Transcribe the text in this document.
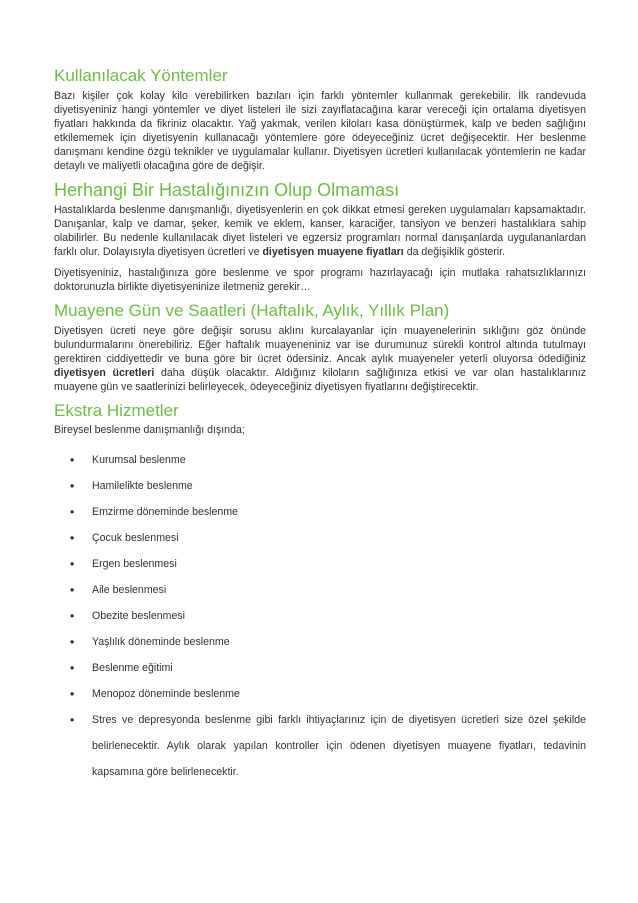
Kullanılacak Yöntemler

Bazı kişiler çok kolay kilo verebilirken bazıları için farklı yöntemler kullanmak gerekebilir. İlk randevuda diyetisyeniniz hangi yöntemler ve diyet listeleri ile sizi zayıflatacağına karar vereceği için ortalama diyetisyen fiyatları hakkında da fikriniz olacaktır. Yağ yakmak, verilen kiloları kasa dönüştürmek, kalp ve beden sağlığını etkilememek için diyetisyenin kullanacağı yöntemlere göre ödeyeceğiniz ücret değişecektir. Her beslenme danışmanı kendine özgü teknikler ve uygulamalar kullanır. Diyetisyen ücretleri kullanılacak yöntemlerin ne kadar detaylı ve maliyetli olacağına göre de değişir.

Herhangi Bir Hastalığınızın Olup Olmaması

Hastalıklarda beslenme danışmanlığı, diyetisyenlerin en çok dikkat etmesi gereken uygulamaları kapsamaktadır. Danışanlar, kalp ve damar, şeker, kemik ve eklem, kanser, karaciğer, tansiyon ve benzeri hastalıklara sahip olabilirler. Bu nedenle kullanılacak diyet listeleri ve egzersiz programları normal danışanlarda uygulananlardan farklı olur. Dolayısıyla diyetisyen ücretleri ve diyetisyen muayene fiyatları da değişiklik gösterir.

Diyetisyeniniz, hastalığınıza göre beslenme ve spor programı hazırlayacağı için mutlaka rahatsızlıklarınızı doktorunuzla birlikte diyetisyeninize iletmeniz gerekir…

Muayene Gün ve Saatleri (Haftalık, Aylık, Yıllık Plan)

Diyetisyen ücreti neye göre değişir sorusu aklını kurcalayanlar için muayenelerinin sıklığını göz önünde bulundurmalarını önerebiliriz. Eğer haftalık muayeneniniz var ise durumunuz sürekli kontrol altında tutulmayı gerektiren ciddiyettedir ve buna göre bir ücret ödersiniz. Ancak aylık muayeneler yeterli oluyorsa ödediğiniz diyetisyen ücretleri daha düşük olacaktır. Aldığınız kiloların sağlığınıza etkisi ve var olan hastalıklarınız muayene gün ve saatlerinizi belirleyecek, ödeyeceğiniz diyetisyen fiyatlarını değiştirecektir.

Ekstra Hizmetler

Bireysel beslenme danışmanlığı dışında;

• Kurumsal beslenme
• Hamilelikte beslenme
• Emzirme döneminde beslenme
• Çocuk beslenmesi
• Ergen beslenmesi
• Aile beslenmesi
• Obezite beslenmesi
• Yaşlılık döneminde beslenme
• Beslenme eğitimi
• Menopoz döneminde beslenme
• Stres ve depresyonda beslenme gibi farklı ihtiyaçlarınız için de diyetisyen ücretleri size özel şekilde belirlenecektir. Aylık olarak yapılan kontroller için ödenen diyetisyen muayene fiyatları, tedavinin kapsamına göre belirlenecektir.
